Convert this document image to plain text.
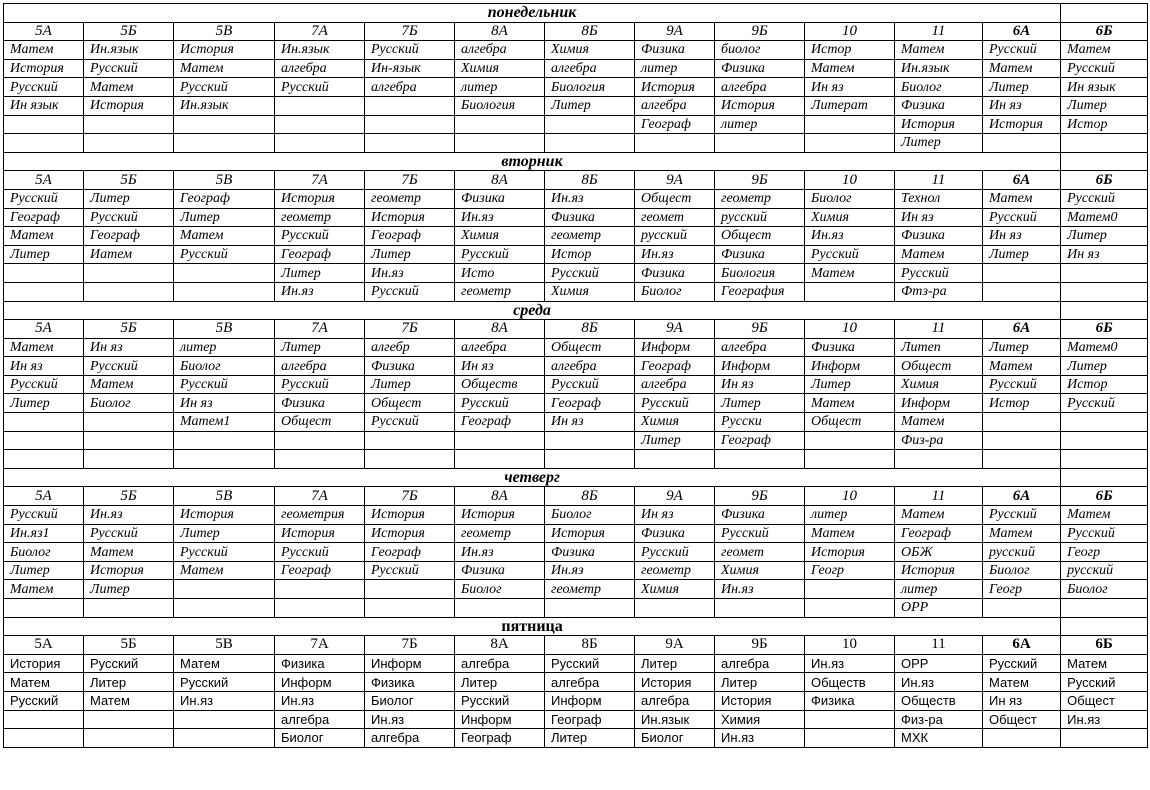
понедельник												
5А	5Б	5В	7А	7Б	8А	8Б	9А	9Б	10	11	6А	6Б
Матем	Ин.язык	История	Ин.язык	Русский	алгебра	Химия	Физика	биолог	Истор	Матем	Русский	Матем
История	Русский	Матем	алгебра	Ин-язык	Химия	алгебра	литер	Физика	Матем	Ин.язык	Матем	Русский
Русский	Матем	Русский	Русский	алгебра	литер	Биология	История	алгебра	Ин яз	Биолог	Литер	Ин язык
Ин язык	История	Ин.язык			Биология	Литер	алгебра	История	Литерат	Физика	Ин яз	Литер
							Географ	литер		История	История	Истор
										Литер		
вторник												
5А	5Б	5В	7А	7Б	8А	8Б	9А	9Б	10	11	6А	6Б
Русский	Литер	Географ	История	геометр	Физика	Ин.яз	Общест	геометр	Биолог	Технол	Матем	Русский
Географ	Русский	Литер	геометр	История	Ин.яз	Физика	геомет	русский	Химия	Ин яз	Русский	Матем0
Матем	Географ	Матем	Русский	Географ	Химия	геометр	русский	Общест	Ин.яз	Физика	Ин яз	Литер
Литер	Иатем	Русский	Географ	Литер	Русский	Истор	Ин.яз	Физика	Русский	Матем	Литер	Ин яз
			Литер	Ин.яз	Исто	Русский	Физика	Биология	Матем	Русский		
			Ин.яз	Русский	геометр	Химия	Биолог	География		Фтз-ра		
среда												
5А	5Б	5В	7А	7Б	8А	8Б	9А	9Б	10	11	6А	6Б
Матем	Ин яз	литер	Литер	алгебр	алгебра	Общест	Информ	алгебра	Физика	Литеп	Литер	Матем0
Ин яз	Русский	Биолог	алгебра	Физика	Ин яз	алгебра	Географ	Информ	Информ	Общест	Матем	Литер
Русский	Матем	Русский	Русский	Литер	Обществ	Русский	алгебра	Ин яз	Литер	Химия	Русский	Истор
Литер	Биолог	Ин яз	Физика	Общест	Русский	Географ	Русский	Литер	Матем	Информ	Истор	Русский
		Матем1	Общест	Русский	Географ	Ин яз	Химия	Русски	Общест	Матем		
							Литер	Географ		Физ-ра		

четверг												
5А	5Б	5В	7А	7Б	8А	8Б	9А	9Б	10	11	6А	6Б
Русский	Ин.яз	История	геометрия	История	История	Биолог	Ин яз	Физика	литер	Матем	Русский	Матем
Ин.яз1	Русский	Литер	История	История	геометр	История	Физика	Русский	Матем	Географ	Матем	Русский
Биолог	Матем	Русский	Русский	Географ	Ин.яз	Физика	Русский	геомет	История	ОБЖ	русский	Геогр
Литер	История	Матем	Географ	Русский	Физика	Ин.яз	геометр	Химия	Геогр	История	Биолог	русский
Матем	Литер				Биолог	геометр	Химия	Ин.яз		литер	Геогр	Биолог
										ОРР		
пятница												
5А	5Б	5В	7А	7Б	8А	8Б	9А	9Б	10	11	6А	6Б
История	Русский	Матем	Физика	Информ	алгебра	Русский	Литер	алгебра	Ин.яз	ОРР	Русский	Матем
Матем	Литер	Русский	Информ	Физика	Литер	алгебра	История	Литер	Обществ	Ин.яз	Матем	Русский
Русский	Матем	Ин.яз	Ин.яз	Биолог	Русский	Информ	алгебра	История	Физика	Обществ	Ин яз	Общест
			алгебра	Ин.яз	Информ	Географ	Ин.язык	Химия		Физ-ра	Общест	Ин.яз
			Биолог	алгебра	Географ	Литер	Биолог	Ин.яз		МХК		
